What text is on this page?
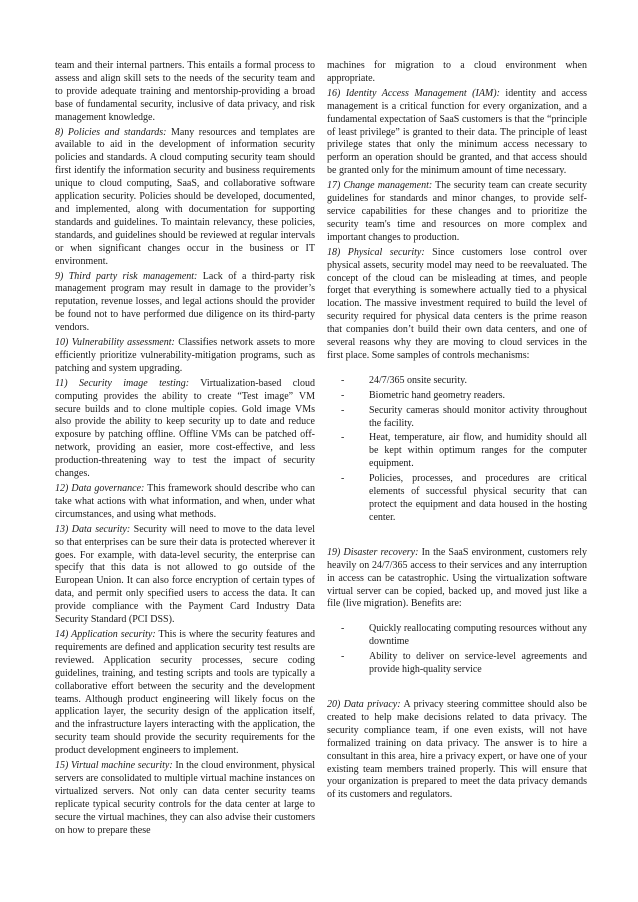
team and their internal partners. This entails a formal process to assess and align skill sets to the needs of the security team and to provide adequate training and mentorship-providing a broad base of fundamental security, inclusive of data privacy, and risk management knowledge.

8) Policies and standards: Many resources and templates are available to aid in the development of information security policies and standards. A cloud computing security team should first identify the information security and business requirements unique to cloud computing, SaaS, and collaborative software application security. Policies should be developed, documented, and implemented, along with documentation for supporting standards and guidelines. To maintain relevancy, these policies, standards, and guidelines should be reviewed at regular intervals or when significant changes occur in the business or IT environment.

9) Third party risk management: Lack of a third-party risk management program may result in damage to the provider’s reputation, revenue losses, and legal actions should the provider be found not to have performed due diligence on its third-party vendors.

10) Vulnerability assessment: Classifies network assets to more efficiently prioritize vulnerability-mitigation programs, such as patching and system upgrading.

11) Security image testing: Virtualization-based cloud computing provides the ability to create “Test image” VM secure builds and to clone multiple copies. Gold image VMs also provide the ability to keep security up to date and reduce exposure by patching offline. Offline VMs can be patched off-network, providing an easier, more cost-effective, and less production-threatening way to test the impact of security changes.

12) Data governance: This framework should describe who can take what actions with what information, and when, under what circumstances, and using what methods.

13) Data security: Security will need to move to the data level so that enterprises can be sure their data is protected wherever it goes. For example, with data-level security, the enterprise can specify that this data is not allowed to go outside of the European Union. It can also force encryption of certain types of data, and permit only specified users to access the data. It can provide compliance with the Payment Card Industry Data Security Standard (PCI DSS).

14) Application security: This is where the security features and requirements are defined and application security test results are reviewed. Application security processes, secure coding guidelines, training, and testing scripts and tools are typically a collaborative effort between the security and the development teams. Although product engineering will likely focus on the application layer, the security design of the application itself, and the infrastructure layers interacting with the application, the security team should provide the security requirements for the product development engineers to implement.

15) Virtual machine security: In the cloud environment, physical servers are consolidated to multiple virtual machine instances on virtualized servers. Not only can data center security teams replicate typical security controls for the data center at large to secure the virtual machines, they can also advise their customers on how to prepare these

machines for migration to a cloud environment when appropriate.

16) Identity Access Management (IAM): identity and access management is a critical function for every organization, and a fundamental expectation of SaaS customers is that the “principle of least privilege” is granted to their data. The principle of least privilege states that only the minimum access necessary to perform an operation should be granted, and that access should be granted only for the minimum amount of time necessary.

17) Change management: The security team can create security guidelines for standards and minor changes, to provide self-service capabilities for these changes and to prioritize the security team's time and resources on more complex and important changes to production.

18) Physical security: Since customers lose control over physical assets, security model may need to be reevaluated. The concept of the cloud can be misleading at times, and people forget that everything is somewhere actually tied to a physical location. The massive investment required to build the level of security required for physical data centers is the prime reason that companies don’t build their own data centers, and one of several reasons why they are moving to cloud services in the first place. Some samples of controls mechanisms:

- 24/7/365 onsite security.
- Biometric hand geometry readers.
- Security cameras should monitor activity throughout the facility.
- Heat, temperature, air flow, and humidity should all be kept within optimum ranges for the computer equipment.
- Policies, processes, and procedures are critical elements of successful physical security that can protect the equipment and data housed in the hosting center.

19) Disaster recovery: In the SaaS environment, customers rely heavily on 24/7/365 access to their services and any interruption in access can be catastrophic. Using the virtualization software virtual server can be copied, backed up, and moved just like a file (live migration). Benefits are:

- Quickly reallocating computing resources without any downtime
- Ability to deliver on service-level agreements and provide high-quality service

20) Data privacy: A privacy steering committee should also be created to help make decisions related to data privacy. The security compliance team, if one even exists, will not have formalized training on data privacy. The answer is to hire a consultant in this area, hire a privacy expert, or have one of your existing team members trained properly. This will ensure that your organization is prepared to meet the data privacy demands of its customers and regulators.
